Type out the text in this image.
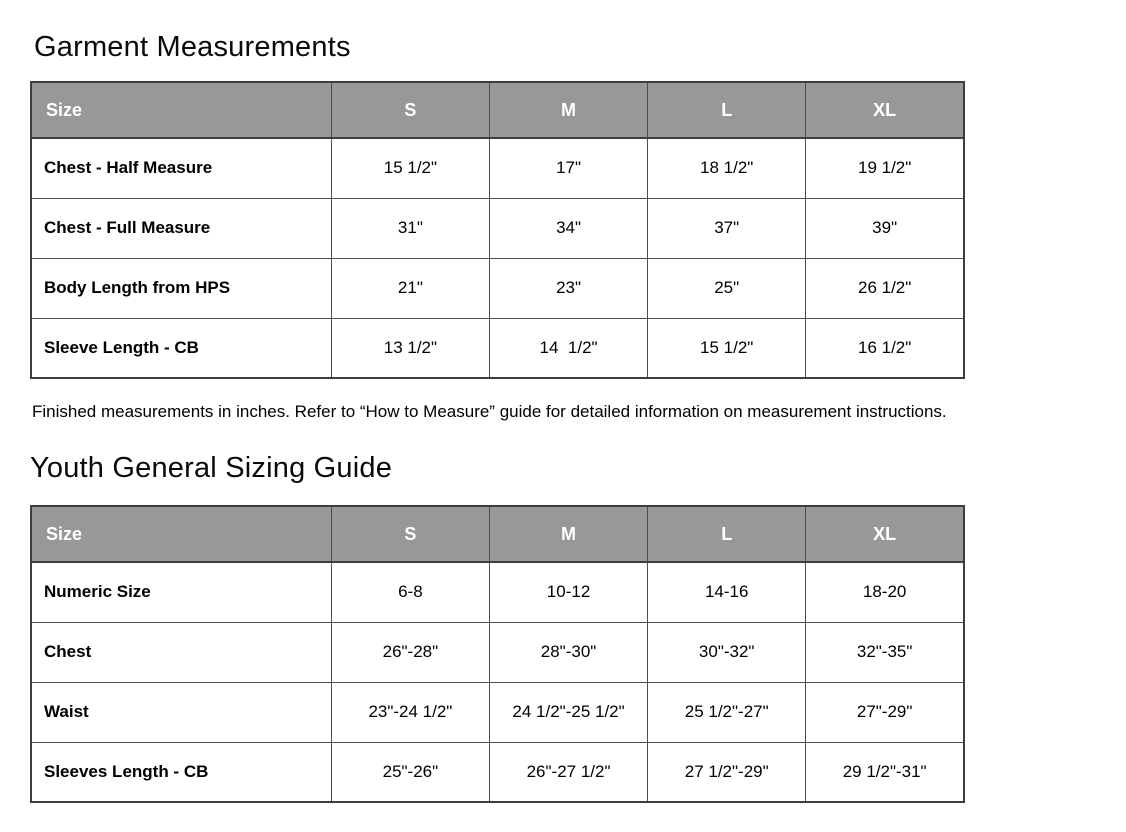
Garment Measurements
Size	S	M	L	XL
Chest - Half Measure	15 1/2"	17"	18 1/2"	19 1/2"
Chest - Full Measure	31"	34"	37"	39"
Body Length from HPS	21"	23"	25"	26 1/2"
Sleeve Length - CB	13 1/2"	14  1/2"	15 1/2"	16 1/2"

Finished measurements in inches. Refer to “How to Measure” guide for detailed information on measurement instructions.

Youth General Sizing Guide
Size	S	M	L	XL
Numeric Size	6-8	10-12	14-16	18-20
Chest	26"-28"	28"-30"	30"-32"	32"-35"
Waist	23"-24 1/2"	24 1/2"-25 1/2"	25 1/2"-27"	27"-29"
Sleeves Length - CB	25"-26"	26"-27 1/2"	27 1/2"-29"	29 1/2"-31"
